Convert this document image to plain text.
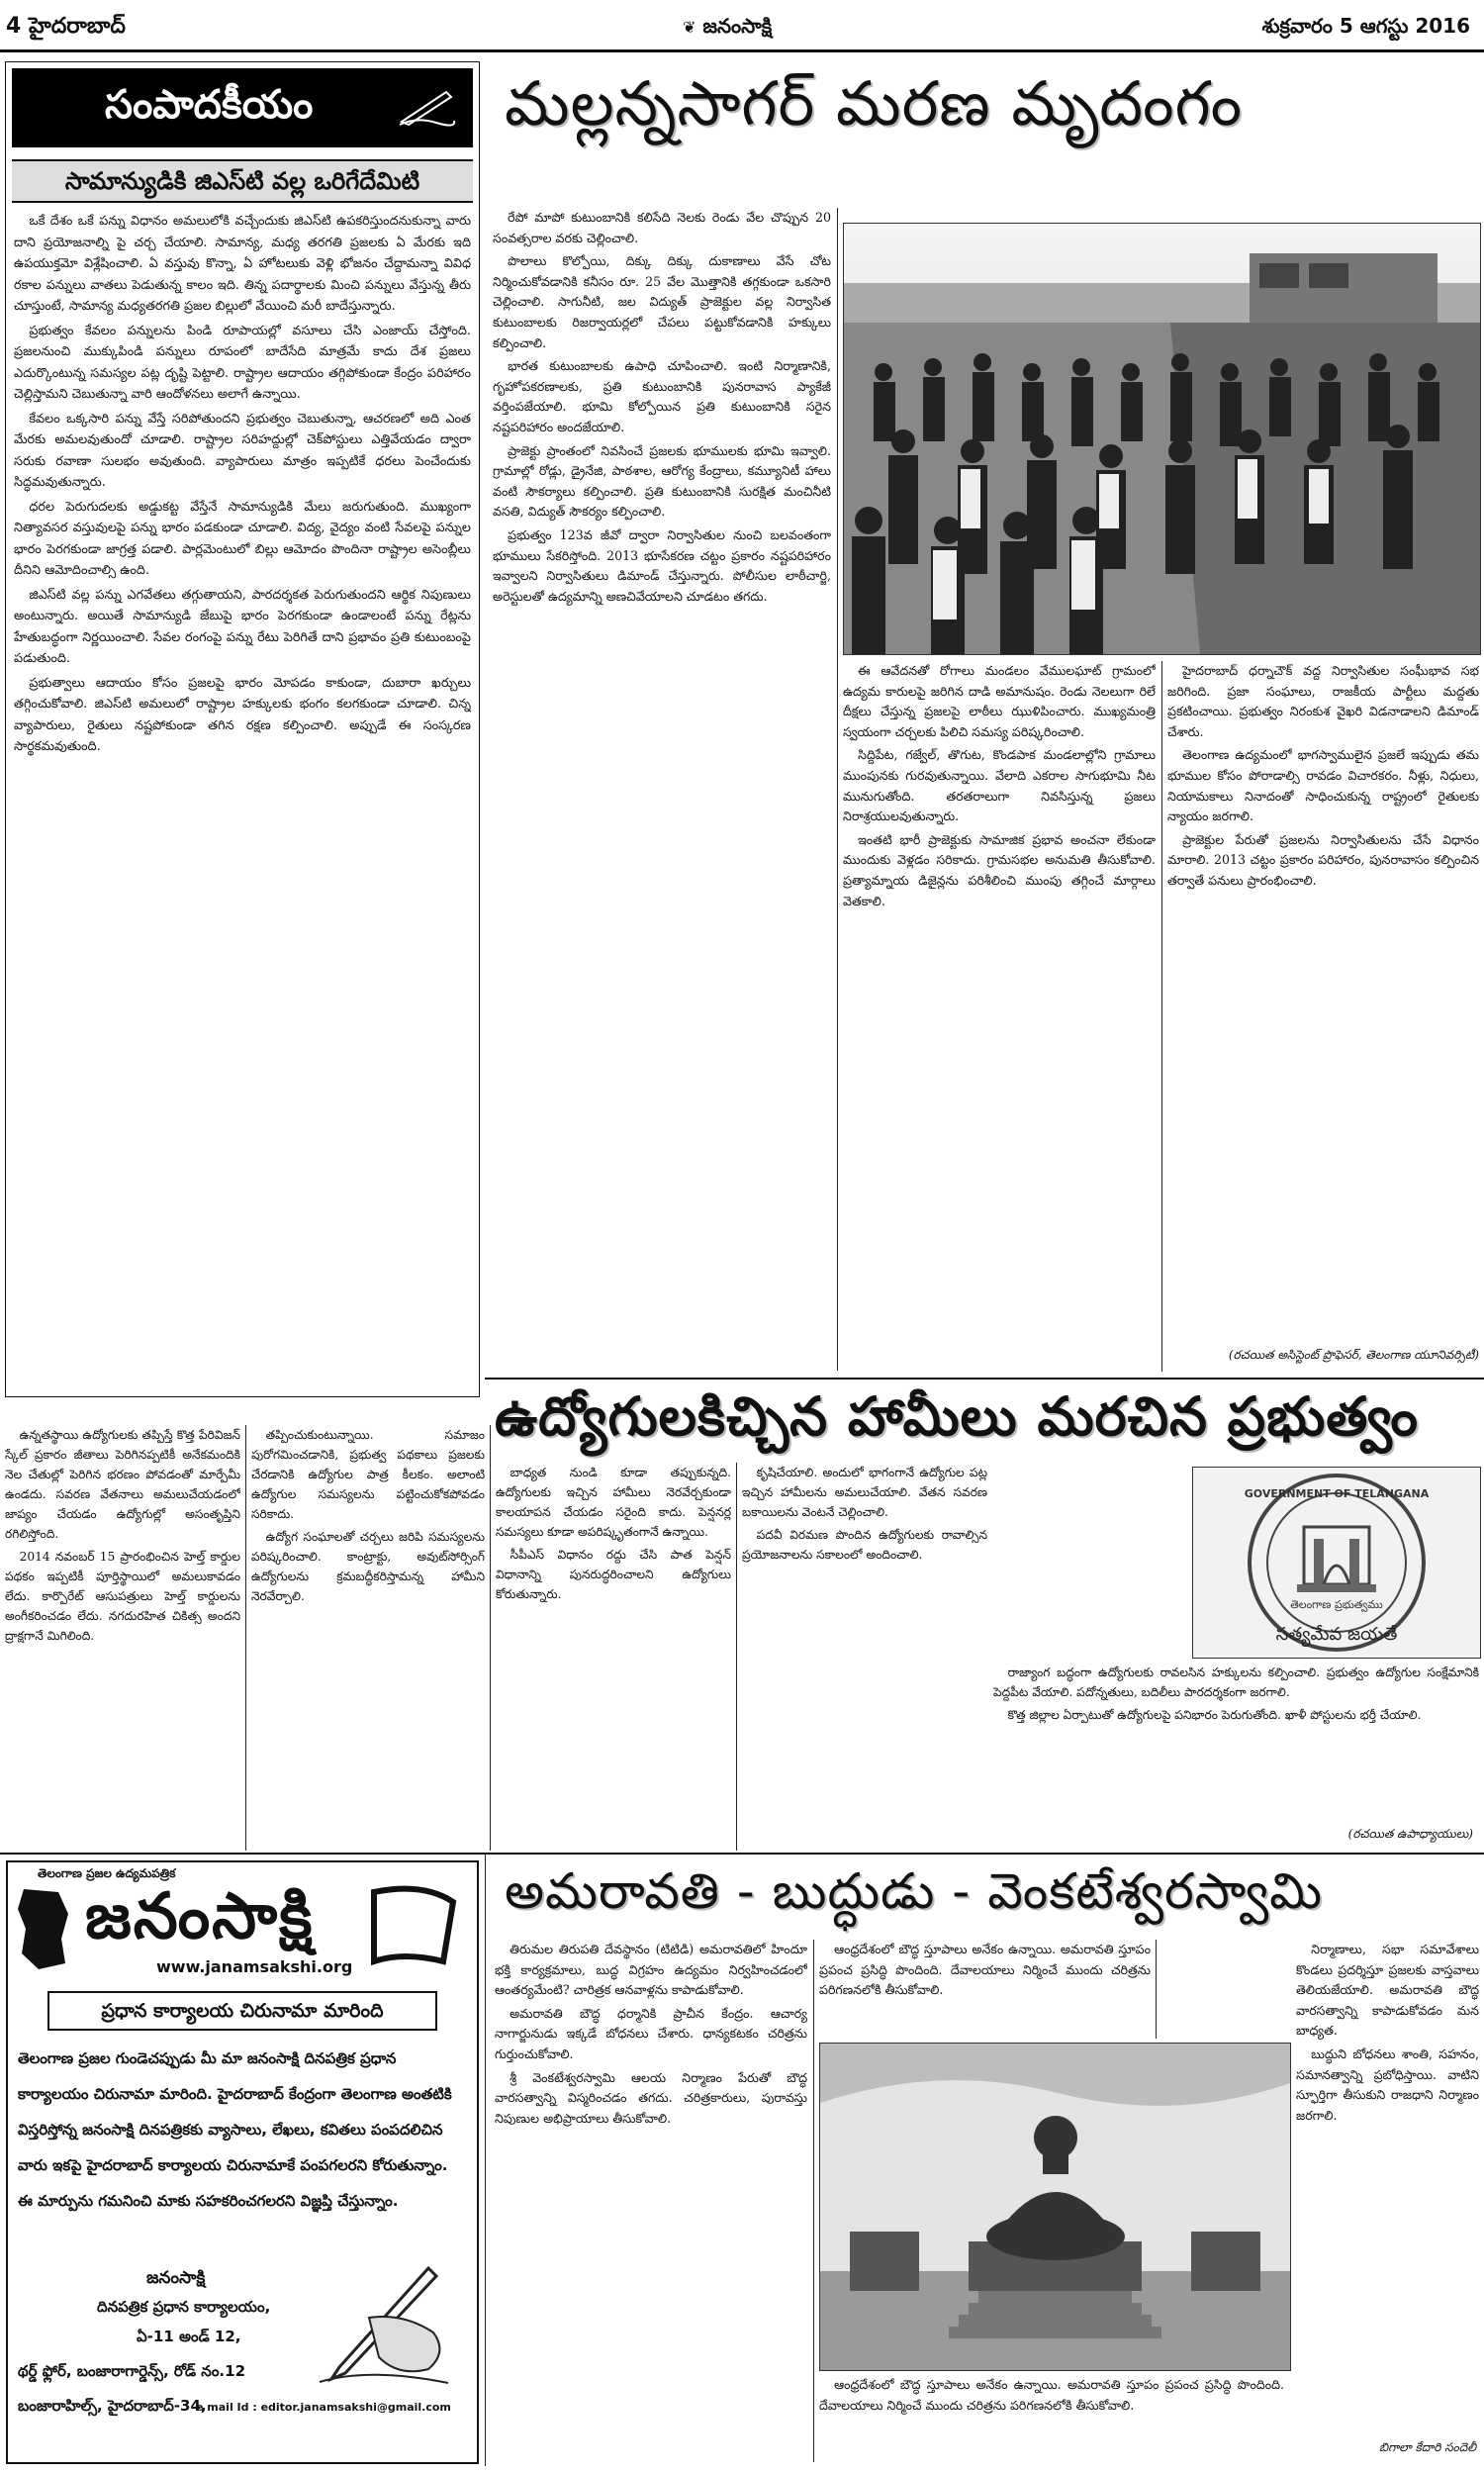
4 హైదరాబాద్	❦ జనంసాక్షి	శుక్రవారం 5 ఆగస్టు 2016
సంపాదకీయం
సామాన్యుడికి జిఎస్‌టి వల్ల ఒరిగేదేమిటి

ఒకే దేశం ఒకే పన్ను విధానం అమలులోకి వచ్చేందుకు జిఎస్‌టి ఉపకరిస్తుందనుకున్నా వారు దాని ప్రయోజనాల్ని పై చర్చ చేయాలి. సామాన్య, మధ్య తరగతి ప్రజలకు ఏ మేరకు ఇది ఉపయుక్తమో విశ్లేషించాలి. ఏ వస్తువు కొన్నా, ఏ హోటలుకు వెళ్లి భోజనం చేద్దామన్నా వివిధ రకాల పన్నులు వాతలు పెడుతున్న కాలం ఇది. తిన్న పదార్థాలకు మించి పన్నులు వేస్తున్న తీరు చూస్తుంటే, సామాన్య మధ్యతరగతి ప్రజల బిల్లులో వేయించి మరీ బాదేస్తున్నారు.

ప్రభుత్వం కేవలం పన్నులను పిండి రూపాయల్లో వసూలు చేసి ఎంజాయ్ చేస్తోంది. ప్రజలనుంచి ముక్కుపిండి పన్నులు రూపంలో బాదేసేది మాత్రమే కాదు దేశ ప్రజలు ఎదుర్కొంటున్న సమస్యల పట్ల దృష్టి పెట్టాలి. రాష్ట్రాల ఆదాయం తగ్గిపోకుండా కేంద్రం పరిహారం చెల్లిస్తామని చెబుతున్నా వారి ఆందోళనలు అలాగే ఉన్నాయి.

కేవలం ఒక్కసారి పన్ను వేస్తే సరిపోతుందని ప్రభుత్వం చెబుతున్నా, ఆచరణలో అది ఎంత మేరకు అమలవుతుందో చూడాలి. రాష్ట్రాల సరిహద్దుల్లో చెక్‌పోస్టులు ఎత్తివేయడం ద్వారా సరుకు రవాణా సులభం అవుతుంది. వ్యాపారులు మాత్రం ఇప్పటికే ధరలు పెంచేందుకు సిద్ధమవుతున్నారు.

ధరల పెరుగుదలకు అడ్డుకట్ట వేస్తేనే సామాన్యుడికి మేలు జరుగుతుంది. ముఖ్యంగా నిత్యావసర వస్తువులపై పన్ను భారం పడకుండా చూడాలి. విద్య, వైద్యం వంటి సేవలపై పన్నుల భారం పెరగకుండా జాగ్రత్త పడాలి. పార్లమెంటులో బిల్లు ఆమోదం పొందినా రాష్ట్రాల అసెంబ్లీలు దీనిని ఆమోదించాల్సి ఉంది.

జిఎస్‌టి వల్ల పన్ను ఎగవేతలు తగ్గుతాయని, పారదర్శకత పెరుగుతుందని ఆర్థిక నిపుణులు అంటున్నారు. అయితే సామాన్యుడి జేబుపై భారం పెరగకుండా ఉండాలంటే పన్ను రేట్లను హేతుబద్ధంగా నిర్ణయించాలి. సేవల రంగంపై పన్ను రేటు పెరిగితే దాని ప్రభావం ప్రతి కుటుంబంపై పడుతుంది.

ప్రభుత్వాలు ఆదాయం కోసం ప్రజలపై భారం మోపడం కాకుండా, దుబారా ఖర్చులు తగ్గించుకోవాలి. జిఎస్‌టి అమలులో రాష్ట్రాల హక్కులకు భంగం కలగకుండా చూడాలి. చిన్న వ్యాపారులు, రైతులు నష్టపోకుండా తగిన రక్షణ కల్పించాలి. అప్పుడే ఈ సంస్కరణ సార్థకమవుతుంది.

మల్లన్నసాగర్ మరణ మృదంగం

రేపో మాపో కుటుంబానికి కలిసేది నెలకు రెండు వేల చొప్పున 20 సంవత్సరాల వరకు చెల్లించాలి.

పొలాలు కొల్పోయి, దిక్కు దిక్కు దుకాణాలు వేసే చోట నిర్మించుకోవడానికి కనీసం రూ. 25 వేల మొత్తానికి తగ్గకుండా ఒకసారి చెల్లించాలి. సాగునీటి, జల విద్యుత్ ప్రాజెక్టుల వల్ల నిర్వాసిత కుటుంబాలకు రిజర్వాయర్లలో చేపలు పట్టుకోవడానికి హక్కులు కల్పించాలి.

భారత కుటుంబాలకు ఉపాధి చూపించాలి. ఇంటి నిర్మాణానికి, గృహోపకరణాలకు, ప్రతి కుటుంబానికి పునరావాస ప్యాకేజీ వర్తింపజేయాలి. భూమి కోల్పోయిన ప్రతి కుటుంబానికి సరైన నష్టపరిహారం అందజేయాలి.

ప్రాజెక్టు ప్రాంతంలో నివసించే ప్రజలకు భూములకు భూమి ఇవ్వాలి. గ్రామాల్లో రోడ్లు, డ్రైనేజి, పాఠశాల, ఆరోగ్య కేంద్రాలు, కమ్యూనిటీ హాలు వంటి సౌకర్యాలు కల్పించాలి. ప్రతి కుటుంబానికి సురక్షిత మంచినీటి వసతి, విద్యుత్ సౌకర్యం కల్పించాలి.

ప్రభుత్వం 123వ జీవో ద్వారా నిర్వాసితుల నుంచి బలవంతంగా భూములు సేకరిస్తోంది. 2013 భూసేకరణ చట్టం ప్రకారం నష్టపరిహారం ఇవ్వాలని నిర్వాసితులు డిమాండ్ చేస్తున్నారు. పోలీసుల లాఠీచార్జి, అరెస్టులతో ఉద్యమాన్ని అణచివేయాలని చూడటం తగదు.

ఈ ఆవేదనతో రోగాలు మండలం వేములఘాట్ గ్రామంలో ఉద్యమ కారులపై జరిగిన దాడి అమానుషం. రెండు నెలలుగా రిలే దీక్షలు చేస్తున్న ప్రజలపై లాఠీలు ఝుళిపించారు. ముఖ్యమంత్రి స్వయంగా చర్చలకు పిలిచి సమస్య పరిష్కరించాలి.

సిద్దిపేట, గజ్వేల్, తొగుట, కొండపాక మండలాల్లోని గ్రామాలు ముంపునకు గురవుతున్నాయి. వేలాది ఎకరాల సాగుభూమి నీట మునుగుతోంది. తరతరాలుగా నివసిస్తున్న ప్రజలు నిరాశ్రయులవుతున్నారు.

ఇంతటి భారీ ప్రాజెక్టుకు సామాజిక ప్రభావ అంచనా లేకుండా ముందుకు వెళ్లడం సరికాదు. గ్రామసభల అనుమతి తీసుకోవాలి. ప్రత్యామ్నాయ డిజైన్లను పరిశీలించి ముంపు తగ్గించే మార్గాలు వెతకాలి.

హైదరాబాద్ ధర్నాచౌక్ వద్ద నిర్వాసితుల సంఘీభావ సభ జరిగింది. ప్రజా సంఘాలు, రాజకీయ పార్టీలు మద్దతు ప్రకటించాయి. ప్రభుత్వం నిరంకుశ వైఖరి విడనాడాలని డిమాండ్ చేశారు.

తెలంగాణ ఉద్యమంలో భాగస్వాములైన ప్రజలే ఇప్పుడు తమ భూముల కోసం పోరాడాల్సి రావడం విచారకరం. నీళ్లు, నిధులు, నియామకాలు నినాదంతో సాధించుకున్న రాష్ట్రంలో రైతులకు న్యాయం జరగాలి.

ప్రాజెక్టుల పేరుతో ప్రజలను నిర్వాసితులను చేసే విధానం మారాలి. 2013 చట్టం ప్రకారం పరిహారం, పునరావాసం కల్పించిన తర్వాతే పనులు ప్రారంభించాలి.

(రచయిత అసిస్టెంట్ ప్రొఫెసర్, తెలంగాణ యూనివర్సిటీ)
ఉద్యోగులకిచ్చిన హామీలు మరచిన ప్రభుత్వం

ఉన్నతస్థాయి ఉద్యోగులకు తప్పిస్తే కొత్త పేరివిజన్ స్కేల్ ప్రకారం జీతాలు పెరిగినప్పటికీ అనేకమందికి నెల చేతుల్లో పెరిగిన భరణం పోవడంతో మార్పేమీ ఉండదు. సవరణ వేతనాలు అమలుచేయడంలో జాప్యం చేయడం ఉద్యోగుల్లో అసంతృప్తిని రగిలిస్తోంది.

2014 నవంబర్ 15 ప్రారంభించిన హెల్త్ కార్డుల పథకం ఇప్పటికీ పూర్తిస్థాయిలో అమలుకావడం లేదు. కార్పొరేట్ ఆసుపత్రులు హెల్త్ కార్డులను అంగీకరించడం లేదు. నగదురహిత చికిత్స అందని ద్రాక్షగానే మిగిలింది.

తప్పించుకుంటున్నాయి. సమాజం పురోగమించడానికి, ప్రభుత్వ పథకాలు ప్రజలకు చేరడానికి ఉద్యోగుల పాత్ర కీలకం. అలాంటి ఉద్యోగుల సమస్యలను పట్టించుకోకపోవడం సరికాదు.

ఉద్యోగ సంఘాలతో చర్చలు జరిపి సమస్యలను పరిష్కరించాలి. కాంట్రాక్టు, అవుట్‌సోర్సింగ్ ఉద్యోగులను క్రమబద్ధీకరిస్తామన్న హామీని నెరవేర్చాలి.

బాధ్యత నుండి కూడా తప్పుకున్నది. ఉద్యోగులకు ఇచ్చిన హామీలు నెరవేర్చకుండా కాలయాపన చేయడం సరైంది కాదు. పెన్షనర్ల సమస్యలు కూడా అపరిష్కృతంగానే ఉన్నాయి.

సీపీఎస్ విధానం రద్దు చేసి పాత పెన్షన్ విధానాన్ని పునరుద్ధరించాలని ఉద్యోగులు కోరుతున్నారు.

కృషిచేయాలి. అందులో భాగంగానే ఉద్యోగుల పట్ల ఇచ్చిన హామీలను అమలుచేయాలి. వేతన సవరణ బకాయిలను వెంటనే చెల్లించాలి.

పదవీ విరమణ పొందిన ఉద్యోగులకు రావాల్సిన ప్రయోజనాలను సకాలంలో అందించాలి.

GOVERNMENT OF TELANGANA
తెలంగాణ ప్రభుత్వము
సత్యమేవ జయతే

రాజ్యాంగ బద్ధంగా ఉద్యోగులకు రావలసిన హక్కులను కల్పించాలి. ప్రభుత్వం ఉద్యోగుల సంక్షేమానికి పెద్దపీట వేయాలి. పదోన్నతులు, బదిలీలు పారదర్శకంగా జరగాలి.

కొత్త జిల్లాల ఏర్పాటుతో ఉద్యోగులపై పనిభారం పెరుగుతోంది. ఖాళీ పోస్టులను భర్తీ చేయాలి.

(రచయిత ఉపాధ్యాయులు)
తెలంగాణ ప్రజల ఉద్యమపత్రిక
జనంసాక్షి
www.janamsakshi.org
ప్రధాన కార్యాలయ చిరునామా మారింది
తెలంగాణ ప్రజల గుండెచప్పుడు మీ మా జనంసాక్షి దినపత్రిక ప్రధాన కార్యాలయం చిరునామా మారింది. హైదరాబాద్ కేంద్రంగా తెలంగాణ అంతటికి విస్తరిస్తోన్న జనంసాక్షి దినపత్రికకు వ్యాసాలు, లేఖలు, కవితలు పంపదలిచిన వారు ఇకపై హైదరాబాద్ కార్యాలయ చిరునామాకే పంపగలరని కోరుతున్నాం. ఈ మార్పును గమనించి మాకు సహకరించగలరని విజ్ఞప్తి చేస్తున్నాం.
జనంసాక్షి
దినపత్రిక ప్రధాన కార్యాలయం,
ఏ-11 అండ్ 12,
థర్డ్ ఫ్లోర్, బంజారాగార్డెన్స్, రోడ్ నం.12
బంజారాహిల్స్, హైదరాబాద్-34,
e mail Id : editor.janamsakshi@gmail.com
అమరావతి - బుద్ధుడు - వెంకటేశ్వరస్వామి

తిరుమల తిరుపతి దేవస్థానం (టిటిడి) అమరావతిలో హిందూ భక్తి కార్యక్రమాలు, బుద్ధ విగ్రహం ఉద్యమం నిర్వహించడంలో ఆంతర్యమేంటి? చారిత్రక ఆనవాళ్లను కాపాడుకోవాలి.

అమరావతి బౌద్ధ ధర్మానికి ప్రాచీన కేంద్రం. ఆచార్య నాగార్జునుడు ఇక్కడే బోధనలు చేశారు. ధాన్యకటకం చరిత్రను గుర్తుంచుకోవాలి.

శ్రీ వెంకటేశ్వరస్వామి ఆలయ నిర్మాణం పేరుతో బౌద్ధ వారసత్వాన్ని విస్మరించడం తగదు. చరిత్రకారులు, పురావస్తు నిపుణుల అభిప్రాయాలు తీసుకోవాలి.

ఆంధ్రదేశంలో బౌద్ధ స్తూపాలు అనేకం ఉన్నాయి. అమరావతి స్తూపం ప్రపంచ ప్రసిద్ధి పొందింది. దేవాలయాలు నిర్మించే ముందు చరిత్రను పరిగణనలోకి తీసుకోవాలి.

ఆంధ్రదేశంలో బౌద్ధ స్తూపాలు అనేకం ఉన్నాయి. అమరావతి స్తూపం ప్రపంచ ప్రసిద్ధి పొందింది. దేవాలయాలు నిర్మించే ముందు చరిత్రను పరిగణనలోకి తీసుకోవాలి.

నిర్మాణాలు, సభా సమావేశాలు కొండలు ప్రదర్శిస్తూ ప్రజలకు వాస్తవాలు తెలియజేయాలి. అమరావతి బౌద్ధ వారసత్వాన్ని కాపాడుకోవడం మన బాధ్యత.

బుద్ధుని బోధనలు శాంతి, సహనం, సమానత్వాన్ని ప్రబోధిస్తాయి. వాటిని స్ఫూర్తిగా తీసుకుని రాజధాని నిర్మాణం జరగాలి.

బిగాలా కేదారి సందెలీ
